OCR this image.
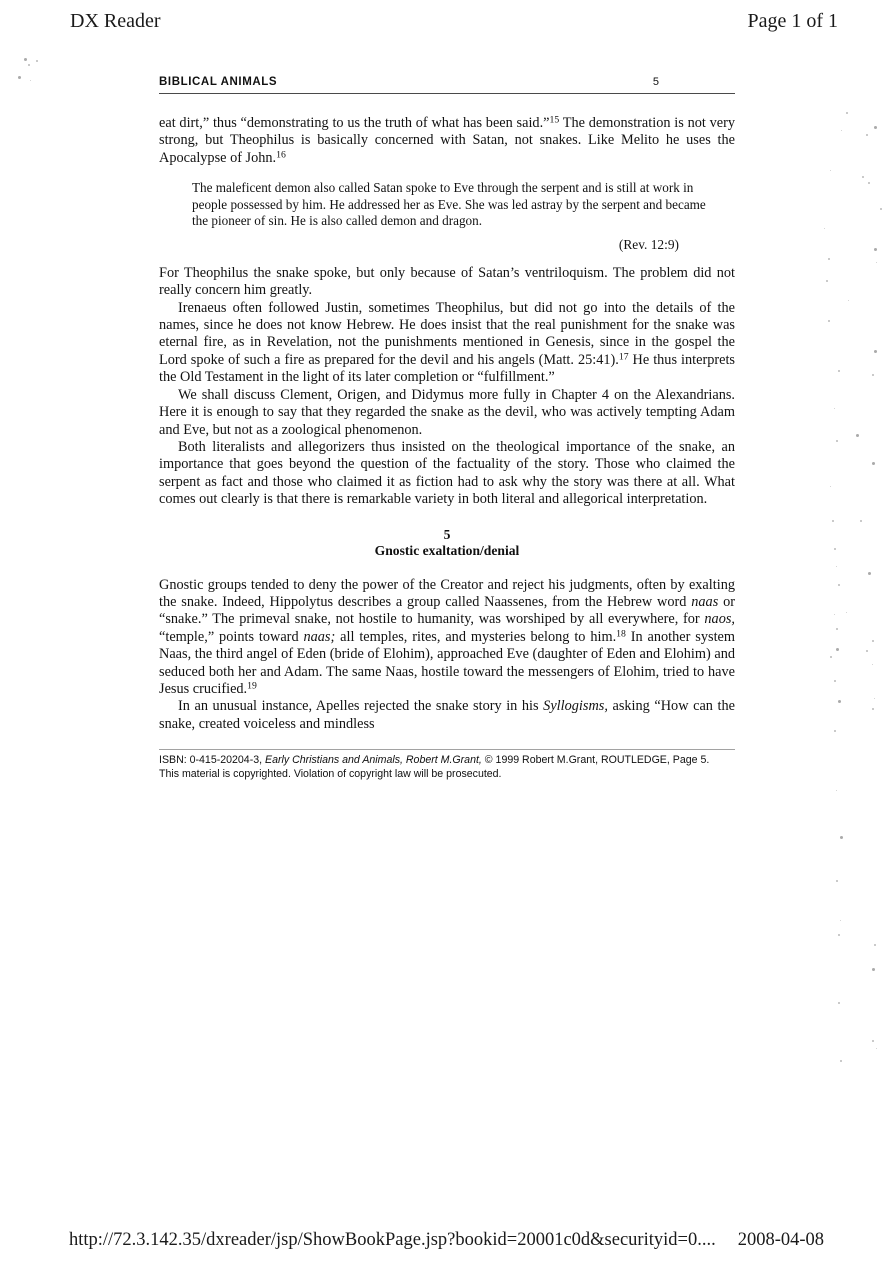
DX Reader	Page 1 of 1
BIBLICAL ANIMALS	5

eat dirt,” thus “demonstrating to us the truth of what has been said.”$^{15}$ The demonstration is not very strong, but Theophilus is basically concerned with Satan, not snakes. Like Melito he uses the Apocalypse of John.$^{16}$

The maleficent demon also called Satan spoke to Eve through the serpent and is still at work in people possessed by him. He addressed her as Eve. She was led astray by the serpent and became the pioneer of sin. He is also called demon and dragon.

(Rev. 12:9)

For Theophilus the snake spoke, but only because of Satan’s ventriloquism. The problem did not really concern him greatly.

Irenaeus often followed Justin, sometimes Theophilus, but did not go into the details of the names, since he does not know Hebrew. He does insist that the real punishment for the snake was eternal fire, as in Revelation, not the punishments mentioned in Genesis, since in the gospel the Lord spoke of such a fire as prepared for the devil and his angels (Matt. 25:41).$^{17}$ He thus interprets the Old Testament in the light of its later completion or “fulfillment.”

We shall discuss Clement, Origen, and Didymus more fully in Chapter 4 on the Alexandrians. Here it is enough to say that they regarded the snake as the devil, who was actively tempting Adam and Eve, but not as a zoological phenomenon.

Both literalists and allegorizers thus insisted on the theological importance of the snake, an importance that goes beyond the question of the factuality of the story. Those who claimed the serpent as fact and those who claimed it as fiction had to ask why the story was there at all. What comes out clearly is that there is remarkable variety in both literal and allegorical interpretation.

5
Gnostic exaltation/denial

Gnostic groups tended to deny the power of the Creator and reject his judgments, often by exalting the snake. Indeed, Hippolytus describes a group called Naassenes, from the Hebrew word naas or “snake.” The primeval snake, not hostile to humanity, was worshiped by all everywhere, for naos, “temple,” points toward naas; all temples, rites, and mysteries belong to him.$^{18}$ In another system Naas, the third angel of Eden (bride of Elohim), approached Eve (daughter of Eden and Elohim) and seduced both her and Adam. The same Naas, hostile toward the messengers of Elohim, tried to have Jesus crucified.$^{19}$

In an unusual instance, Apelles rejected the snake story in his Syllogisms, asking “How can the snake, created voiceless and mindless

ISBN: 0-415-20204-3, Early Christians and Animals, Robert M.Grant, © 1999 Robert M.Grant, ROUTLEDGE, Page 5.
This material is copyrighted. Violation of copyright law will be prosecuted.
http://72.3.142.35/dxreader/jsp/ShowBookPage.jsp?bookid=20001c0d&securityid=0.... 2008-04-08
